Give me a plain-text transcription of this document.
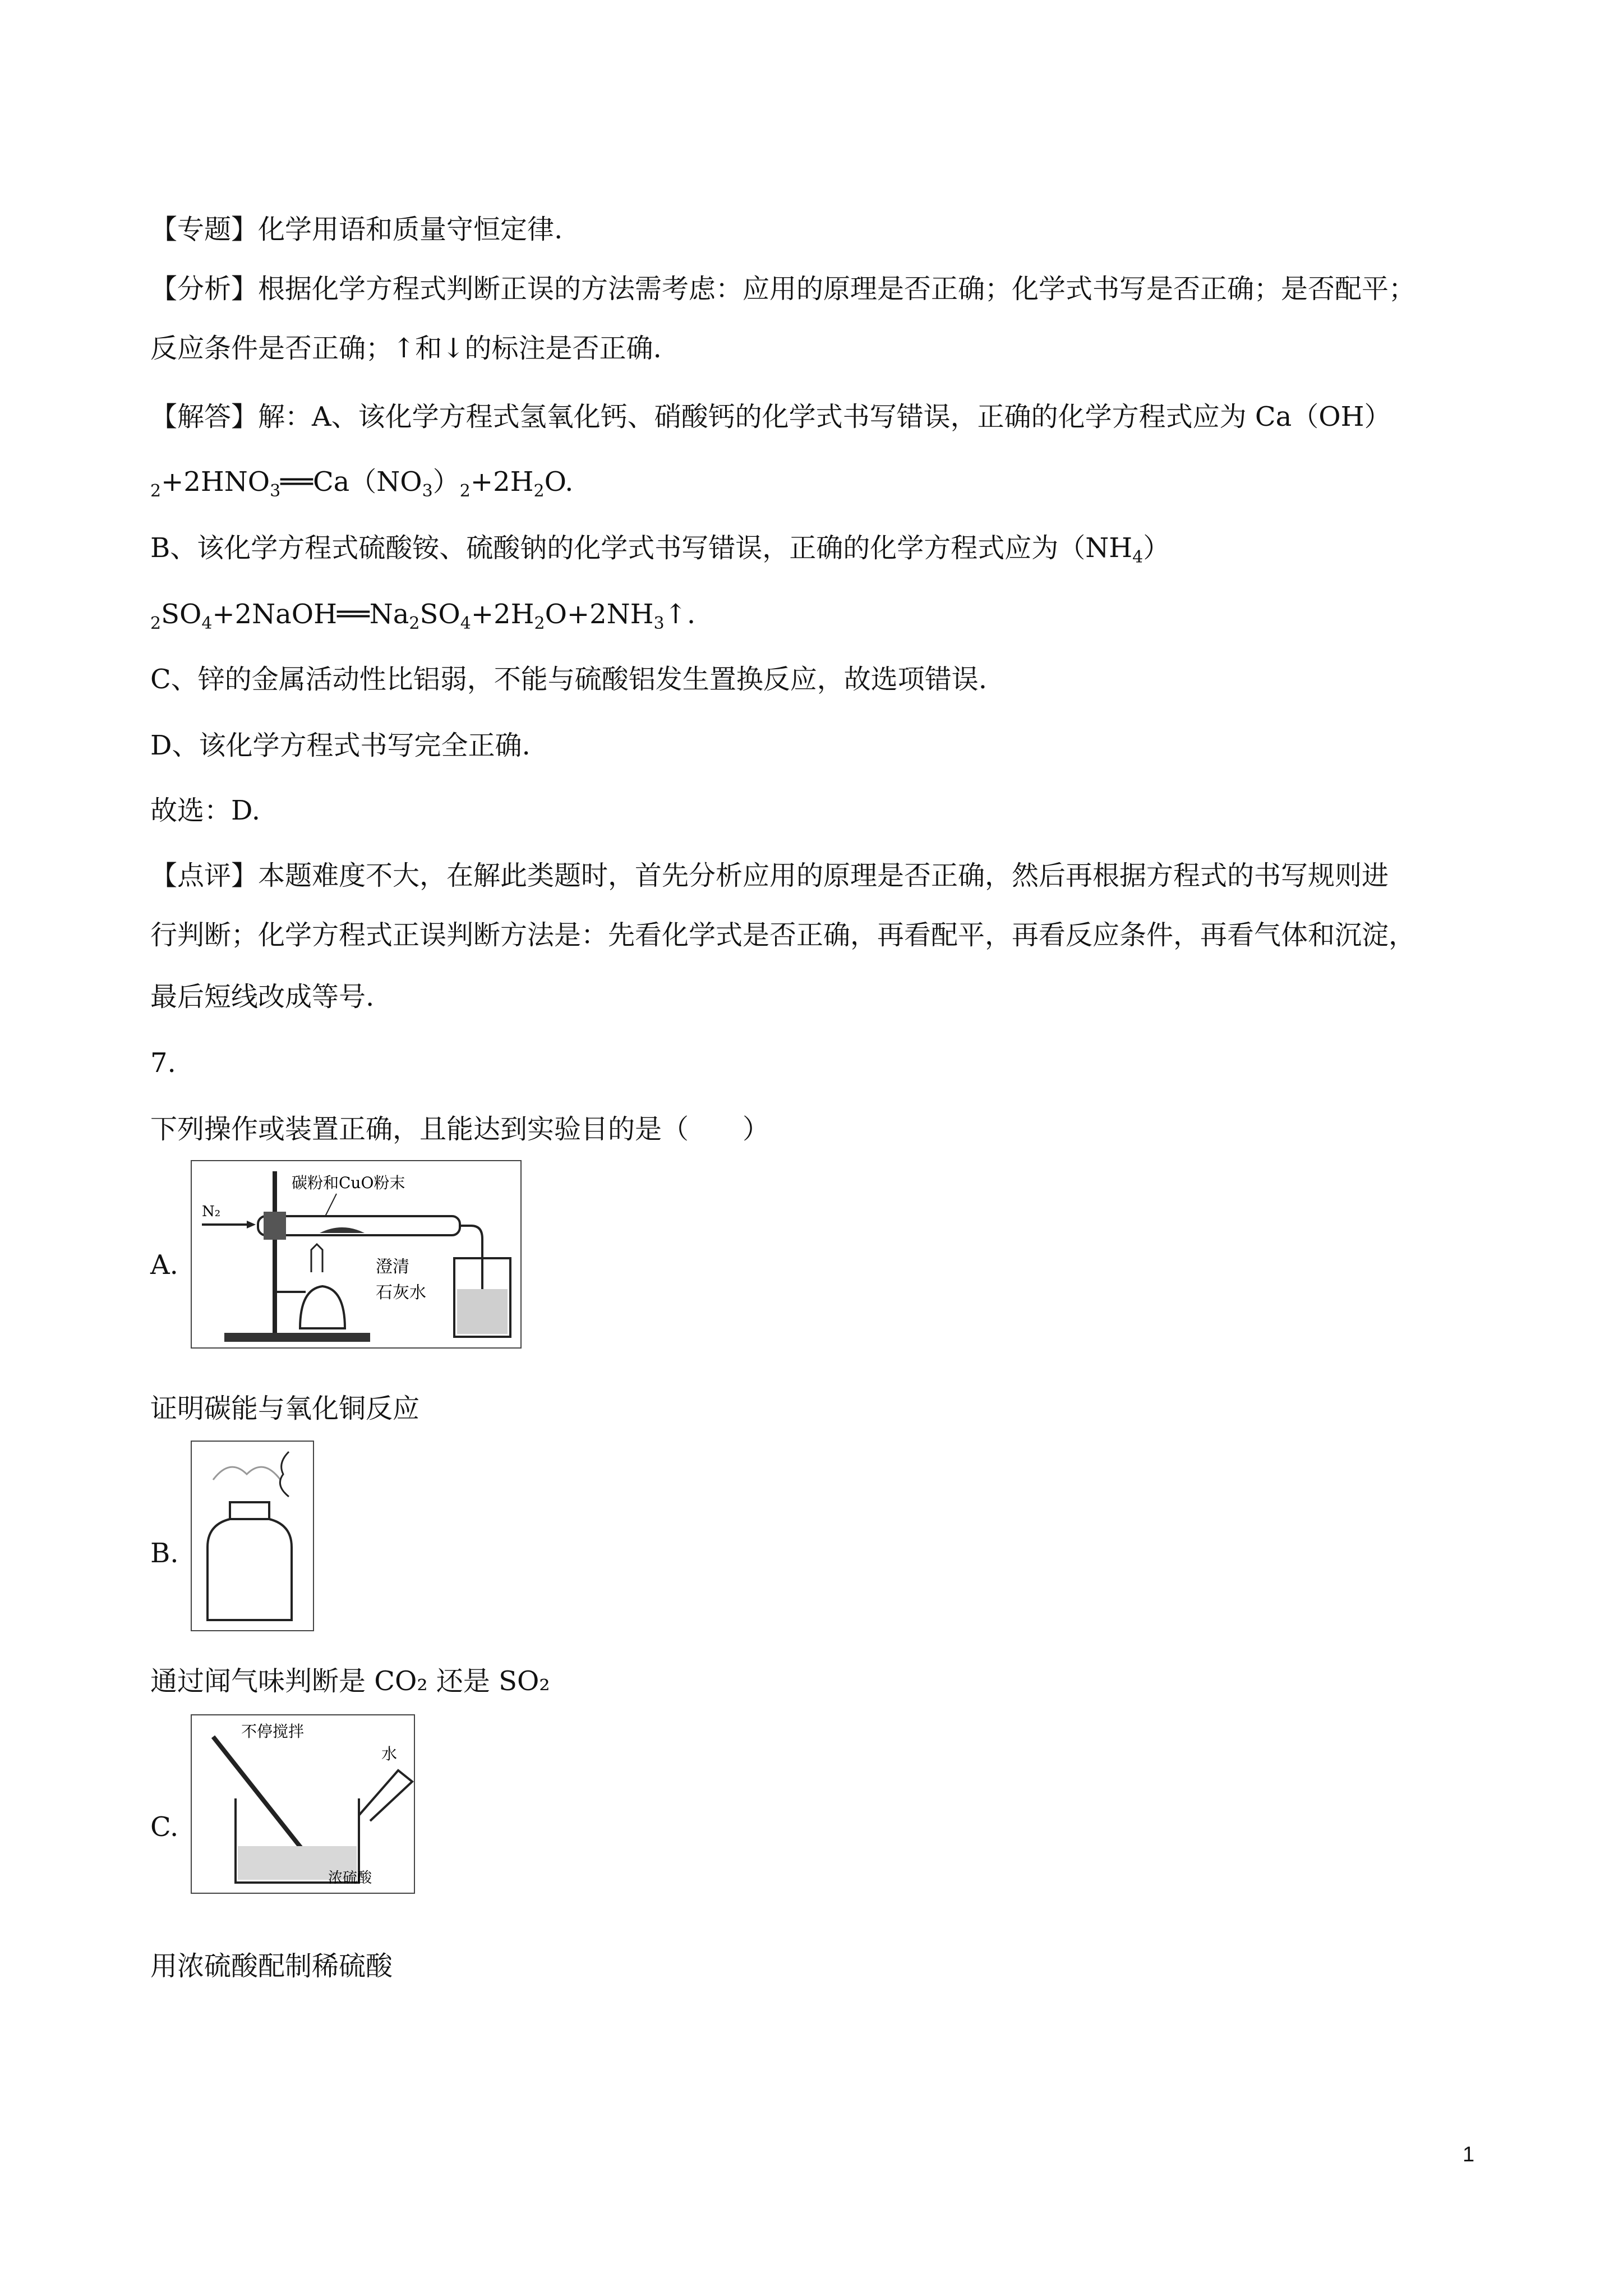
【专题】化学用语和质量守恒定律.
【分析】根据化学方程式判断正误的方法需考虑：应用的原理是否正确；化学式书写是否正确；是否配平；
反应条件是否正确；↑和↓的标注是否正确.
【解答】解：A、该化学方程式氢氧化钙、硝酸钙的化学式书写错误，正确的化学方程式应为 Ca（OH）
$_2+2HNO_3══Ca(NO_3)_2+2H_2O$.
B、该化学方程式硫酸铵、硫酸钠的化学式书写错误，正确的化学方程式应为$(NH_4)$
$_2SO_4+2NaOH══Na_2SO_4+2H_2O+2NH_3↑$.
C、锌的金属活动性比铝弱，不能与硫酸铝发生置换反应，故选项错误.
D、该化学方程式书写完全正确.
故选：D.
【点评】本题难度不大，在解此类题时，首先分析应用的原理是否正确，然后再根据方程式的书写规则进
行判断；化学方程式正误判断方法是：先看化学式是否正确，再看配平，再看反应条件，再看气体和沉淀，
最后短线改成等号.
7.
下列操作或装置正确，且能达到实验目的是（　　）
A.
N₂
碳粉和CuO粉末
澄清
石灰水
证明碳能与氧化铜反应
B.
通过闻气味判断是 CO₂ 还是 SO₂
C.
不停搅拌
水
浓硫酸
用浓硫酸配制稀硫酸
1
